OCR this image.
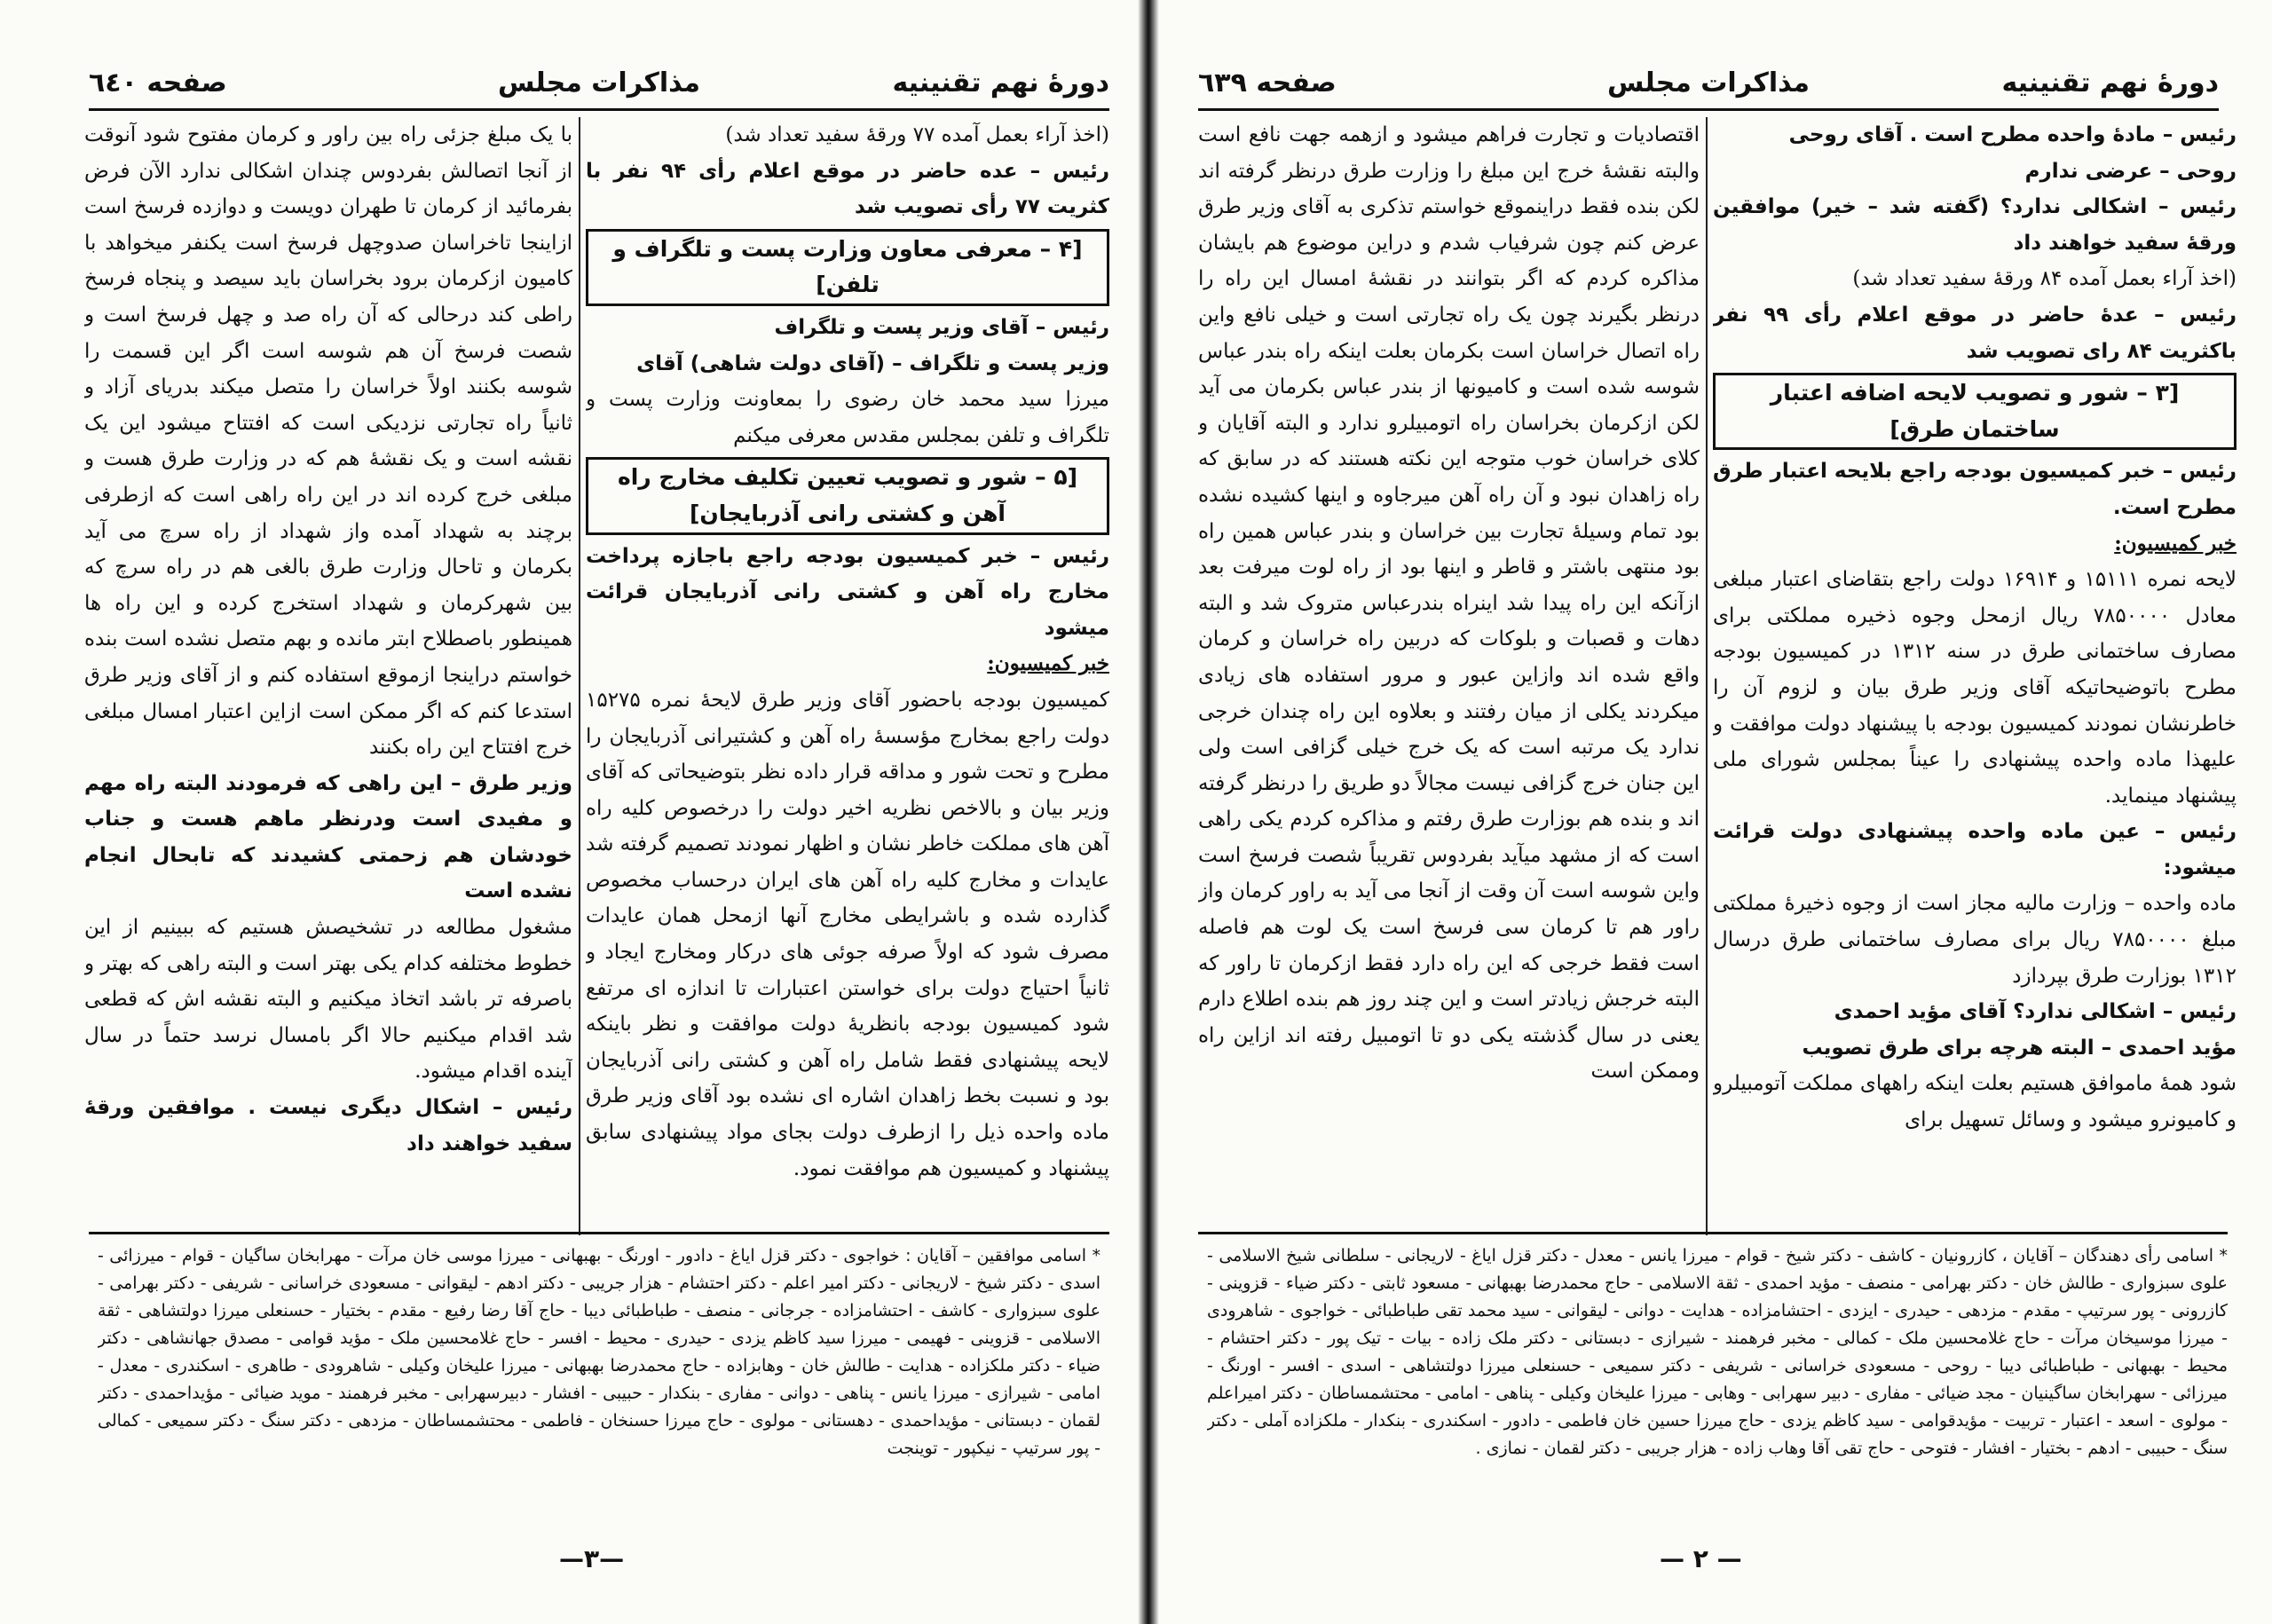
دورهٔ نهم تقنینیه
مذاکرات مجلس
صفحه ٦٤٠

(اخذ آراء بعمل آمده ۷۷ ورقهٔ سفید تعداد شد)

رئیس – عده حاضر در موقع اعلام رأی ۹۴ نفر با کثریت ۷۷ رأی تصویب شد

[۴ – معرفی معاون وزارت پست و تلگراف و تلفن]

رئیس – آقای وزیر پست و تلگراف

وزیر پست و تلگراف – (آقای دولت شاهی) آقای

میرزا سید محمد خان رضوی را بمعاونت وزارت پست و تلگراف و تلفن بمجلس مقدس معرفی میکنم

[۵ – شور و تصویب تعیین تکلیف مخارج راه آهن و کشتی رانی آذربایجان]

رئیس – خبر کمیسیون بودجه راجع باجازه پرداخت مخارج راه آهن و کشتی رانی آذربایجان قرائت میشود

خبر کمیسیون:

کمیسیون بودجه باحضور آقای وزیر طرق لایحهٔ نمره ۱۵۲۷۵ دولت راجع بمخارج مؤسسهٔ راه آهن و کشتیرانی آذربایجان را مطرح و تحت شور و مداقه قرار داده نظر بتوضیحاتی که آقای وزیر بیان و بالاخص نظریه اخیر دولت را درخصوص کلیه راه آهن های مملکت خاطر نشان و اظهار نمودند تصمیم گرفته شد عایدات و مخارج کلیه راه آهن های ایران درحساب مخصوص گذارده شده و باشرایطی مخارج آنها ازمحل همان عایدات مصرف شود که اولاً صرفه جوئی های درکار ومخارج ایجاد و ثانیاً احتیاج دولت برای خواستن اعتبارات تا اندازه ای مرتفع شود کمیسیون بودجه بانظریهٔ دولت موافقت و نظر باینکه لایحه پیشنهادی فقط شامل راه آهن و کشتی رانی آذربایجان بود و نسبت بخط زاهدان اشاره ای نشده بود آقای وزیر طرق ماده واحده ذیل را ازطرف دولت بجای مواد پیشنهادی سابق پیشنهاد و کمیسیون هم موافقت نمود.

با یک مبلغ جزئی راه بین راور و کرمان مفتوح شود آنوقت از آنجا اتصالش بفردوس چندان اشکالی ندارد الآن فرض بفرمائید از کرمان تا طهران دویست و دوازده فرسخ است ازاینجا تاخراسان صدوچهل فرسخ است یکنفر میخواهد با کامیون ازکرمان برود بخراسان باید سیصد و پنجاه فرسخ راطی کند درحالی که آن راه صد و چهل فرسخ است و شصت فرسخ آن هم شوسه است اگر این قسمت را شوسه بکنند اولاً خراسان را متصل میکند بدریای آزاد و ثانیاً راه تجارتی نزدیکی است که افتتاح میشود این یک نقشه است و یک نقشهٔ هم که در وزارت طرق هست و مبلغی خرج کرده اند در این راه راهی است که ازطرفی برچند به شهداد آمده واز شهداد از راه سرچ می آید بکرمان و تاحال وزارت طرق بالغی هم در راه سرچ که بین شهرکرمان و شهداد استخرج کرده و این راه ها همینطور باصطلاح ابتر مانده و بهم متصل نشده است بنده خواستم دراینجا ازموقع استفاده کنم و از آقای وزیر طرق استدعا کنم که اگر ممکن است ازاین اعتبار امسال مبلغی خرج افتتاح این راه بکنند

وزیر طرق – این راهی که فرمودند البته راه مهم و مفیدی است ودرنظر ماهم هست و جناب خودشان هم زحمتی کشیدند که تابحال انجام نشده است

مشغول مطالعه در تشخیصش هستیم که ببینیم از این خطوط مختلفه کدام یکی بهتر است و البته راهی که بهتر و باصرفه تر باشد اتخاذ میکنیم و البته نقشه اش که قطعی شد اقدام میکنیم حالا اگر بامسال نرسد حتماً در سال آینده اقدام میشود.

رئیس – اشکال دیگری نیست . موافقین ورقهٔ سفید خواهند داد

* اسامی موافقین – آقایان : خواجوی - دکتر قزل ایاغ - دادور - اورنگ - بهبهانی - میرزا موسی خان مرآت - مهرابخان ساگیان - قوام - میرزائی - اسدی - دکتر شیخ - لاریجانی - دکتر امیر اعلم - دکتر احتشام - هزار جریبی - دکتر ادهم - لیقوانی - مسعودی خراسانی - شریفی - دکتر بهرامی - علوی سبزواری - کاشف - احتشامزاده - جرجانی - منصف - طباطبائی دیبا - حاج آقا رضا رفیع - مقدم - بختیار - حسنعلی میرزا دولتشاهی - ثقة الاسلامی - قزوینی - فهیمی - میرزا سید کاظم یزدی - حیدری - محیط - افسر - حاج غلامحسین ملک - مؤید قوامی - مصدق جهانشاهی - دکتر ضیاء - دکتر ملکزاده - هدایت - طالش خان - وهابزاده - حاج محمدرضا بهبهانی - میرزا علیخان وکیلی - شاهرودی - طاهری - اسکندری - معدل - امامی - شیرازی - میرزا یانس - پناهی - دوانی - مفاری - بنکدار - حبیبی - افشار - دبیرسهرابی - مخبر فرهمند - موید ضیائی - مؤیداحمدی - دکتر لقمان - دبستانی - مؤیداحمدی - دهستانی - مولوی - حاج میرزا حسنخان - فاطمی - محتشمساطان - مزدهی - دکتر سنگ - دکتر سمیعی - کمالی - پور سرتیپ - نیکپور - توینجت

—۳—
دورهٔ نهم تقنینیه
مذاکرات مجلس
صفحه ٦٣٩

رئیس – مادهٔ واحده مطرح است . آقای روحی

روحی – عرضی ندارم

رئیس – اشکالی ندارد؟ (گفته شد – خیر) موافقین ورقهٔ سفید خواهند داد

(اخذ آراء بعمل آمده ۸۴ ورقهٔ سفید تعداد شد)

رئیس – عدهٔ حاضر در موقع اعلام رأی ۹۹ نفر باکثریت ۸۴ رای تصویب شد

[۳ – شور و تصویب لایحه اضافه اعتبار ساختمان طرق]

رئیس – خبر کمیسیون بودجه راجع بلایحه اعتبار طرق مطرح است.

خبر کمیسیون:

لایحه نمره ۱۵۱۱۱ و ۱۶۹۱۴ دولت راجع بتقاضای اعتبار مبلغی معادل ۷۸۵۰۰۰۰ ریال ازمحل وجوه ذخیره مملکتی برای مصارف ساختمانی طرق در سنه ۱۳۱۲ در کمیسیون بودجه مطرح باتوضیحاتیکه آقای وزیر طرق بیان و لزوم آن را خاطرنشان نمودند کمیسیون بودجه با پیشنهاد دولت موافقت و علیهذا ماده واحده پیشنهادی را عیناً بمجلس شورای ملی پیشنهاد مینماید.

رئیس – عین ماده واحده پیشنهادی دولت قرائت میشود:

ماده واحده – وزارت مالیه مجاز است از وجوه ذخیرهٔ مملکتی مبلغ ۷۸۵۰۰۰۰ ریال برای مصارف ساختمانی طرق درسال ۱۳۱۲ بوزارت طرق بپردازد

رئیس – اشکالی ندارد؟ آقای مؤید احمدی

مؤید احمدی – البته هرچه برای طرق تصویب

شود همهٔ ماموافق هستیم بعلت اینکه راههای مملکت آتومبیلرو و کامیونرو میشود و وسائل تسهیل برای

اقتصادیات و تجارت فراهم میشود و ازهمه جهت نافع است والبته نقشهٔ خرج این مبلغ را وزارت طرق درنظر گرفته اند لکن بنده فقط دراینموقع خواستم تذکری به آقای وزیر طرق عرض کنم چون شرفیاب شدم و دراین موضوع هم بایشان مذاکره کردم که اگر بتوانند در نقشهٔ امسال این راه را درنظر بگیرند چون یک راه تجارتی است و خیلی نافع واین راه اتصال خراسان است بکرمان بعلت اینکه راه بندر عباس شوسه شده است و کامیونها از بندر عباس بکرمان می آید لکن ازکرمان بخراسان راه اتومبیلرو ندارد و البته آقایان و کلای خراسان خوب متوجه این نکته هستند که در سابق که راه زاهدان نبود و آن راه آهن میرجاوه و اینها کشیده نشده بود تمام وسیلهٔ تجارت بین خراسان و بندر عباس همین راه بود منتهی باشتر و قاطر و اینها بود از راه لوت میرفت بعد ازآنکه این راه پیدا شد اینراه بندرعباس متروک شد و البته دهات و قصبات و بلوکات که دربین راه خراسان و کرمان واقع شده اند وازاین عبور و مرور استفاده های زیادی میکردند یکلی از میان رفتند و بعلاوه این راه چندان خرجی ندارد یک مرتبه است که یک خرج خیلی گزافی است ولی این جنان خرج گزافی نیست مجالاً دو طریق را درنظر گرفته اند و بنده هم بوزارت طرق رفتم و مذاکره کردم یکی راهی است که از مشهد میآید بفردوس تقریباً شصت فرسخ است واین شوسه است آن وقت از آنجا می آید به راور کرمان واز راور هم تا کرمان سی فرسخ است یک لوت هم فاصله است فقط خرجی که این راه دارد فقط ازکرمان تا راور که البته خرجش زیادتر است و این چند روز هم بنده اطلاع دارم یعنی در سال گذشته یکی دو تا اتومبیل رفته اند ازاین راه وممکن است

* اسامی رأی دهندگان – آقایان ، کازرونیان - کاشف - دکتر شیخ - قوام - میرزا یانس - معدل - دکتر قزل ایاغ - لاریجانی - سلطانی شیخ الاسلامی - علوی سبزواری - طالش خان - دکتر بهرامی - منصف - مؤید احمدی - ثقة الاسلامی - حاج محمدرضا بهبهانی - مسعود ثابتی - دکتر ضیاء - قزوینی - کازرونی - پور سرتیپ - مقدم - مزدهی - حیدری - ایزدی - احتشامزاده - هدایت - دوانی - لیقوانی - سید محمد تقی طباطبائی - خواجوی - شاهرودی - میرزا موسیخان مرآت - حاج غلامحسین ملک - کمالی - مخبر فرهمند - شیرازی - دبستانی - دکتر ملک زاده - بیات - تیک پور - دکتر احتشام - محیط - بهبهانی - طباطبائی دیبا - روحی - مسعودی خراسانی - شریفی - دکتر سمیعی - حسنعلی میرزا دولتشاهی - اسدی - افسر - اورنگ - میرزائی - سهرابخان ساگینیان - مجد ضیائی - مفاری - دبیر سهرابی - وهابی - میرزا علیخان وکیلی - پناهی - امامی - محتشمساطان - دکتر امیراعلم - مولوی - اسعد - اعتبار - تربیت - مؤیدقوامی - سید کاظم یزدی - حاج میرزا حسین خان فاطمی - دادور - اسکندری - بنکدار - ملکزاده آملی - دکتر سنگ - حبیبی - ادهم - بختیار - افشار - فتوحی - حاج تقی آقا وهاب زاده - هزار جریبی - دکتر لقمان - نمازی .

— ۲ —
